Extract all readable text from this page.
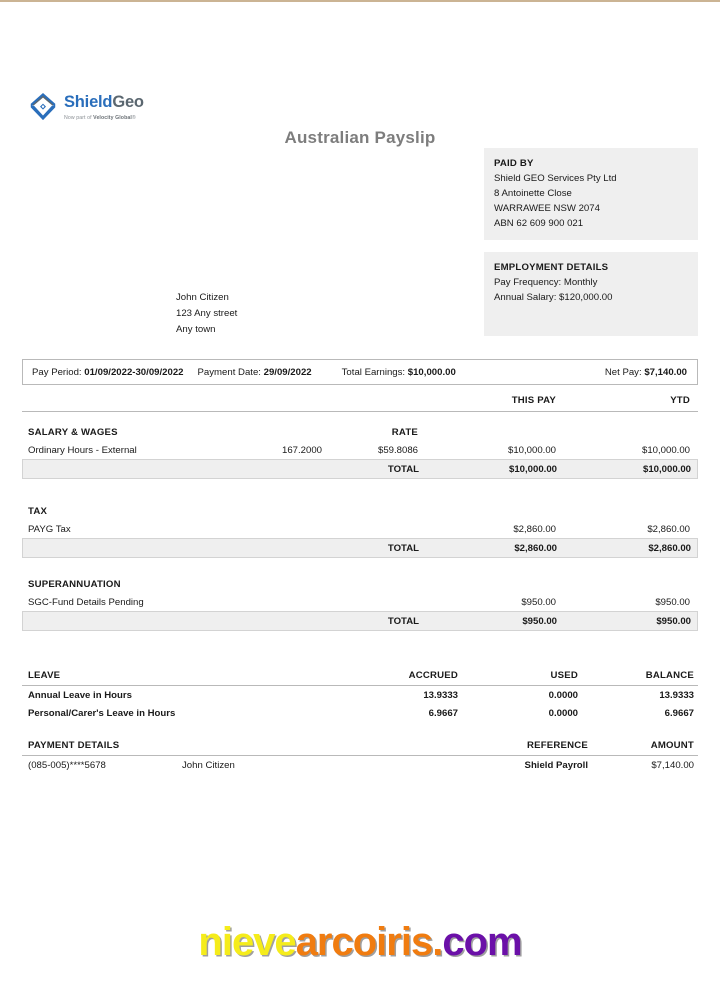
ShieldGeo
Now part of Velocity Global®
Australian Payslip
PAID BY
Shield GEO Services Pty Ltd
8 Antoinette Close
WARRAWEE NSW 2074
ABN 62 609 900 021
EMPLOYMENT DETAILS
Pay Frequency: Monthly
Annual Salary: $120,000.00
John Citizen
123 Any street
Any town
Pay Period: 01/09/2022-30/09/2022 Payment Date: 29/09/2022	Total Earnings: $10,000.00	Net Pay: $7,140.00
THIS PAY	YTD
SALARY & WAGES	RATE
Ordinary Hours - External	167.2000	$59.8086	$10,000.00	$10,000.00
TOTAL	$10,000.00	$10,000.00
TAX
PAYG Tax	$2,860.00	$2,860.00
TOTAL	$2,860.00	$2,860.00
SUPERANNUATION
SGC-Fund Details Pending	$950.00	$950.00
TOTAL	$950.00	$950.00
LEAVE	ACCRUED	USED	BALANCE
Annual Leave in Hours	13.9333	0.0000	13.9333
Personal/Carer's Leave in Hours	6.9667	0.0000	6.9667
PAYMENT DETAILS	REFERENCE	AMOUNT
(085-005)****5678	John Citizen	Shield Payroll	$7,140.00
nievearcoiris.com
